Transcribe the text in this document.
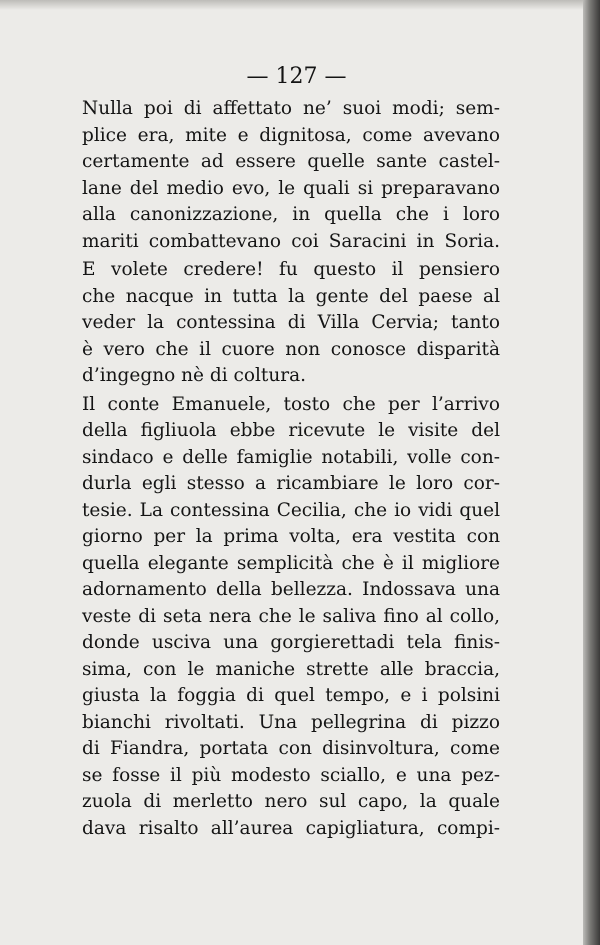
— 127 —
Nulla poi di affettato ne’ suoi modi; sem-
plice era, mite e dignitosa, come avevano
certamente ad essere quelle sante castel-
lane del medio evo, le quali si preparavano
alla canonizzazione, in quella che i loro
mariti combattevano coi Saracini in Soria.
E volete credere! fu questo il pensiero
che nacque in tutta la gente del paese al
veder la contessina di Villa Cervia; tanto
è vero che il cuore non conosce disparità
d’ingegno nè di coltura.
Il conte Emanuele, tosto che per l’arrivo
della figliuola ebbe ricevute le visite del
sindaco e delle famiglie notabili, volle con-
durla egli stesso a ricambiare le loro cor-
tesie. La contessina Cecilia, che io vidi quel
giorno per la prima volta, era vestita con
quella elegante semplicità che è il migliore
adornamento della bellezza. Indossava una
veste di seta nera che le saliva fino al collo,
donde usciva una gorgierettadi tela finis-
sima, con le maniche strette alle braccia,
giusta la foggia di quel tempo, e i polsini
bianchi rivoltati. Una pellegrina di pizzo
di Fiandra, portata con disinvoltura, come
se fosse il più modesto sciallo, e una pez-
zuola di merletto nero sul capo, la quale
dava risalto all’aurea capigliatura, compi-
